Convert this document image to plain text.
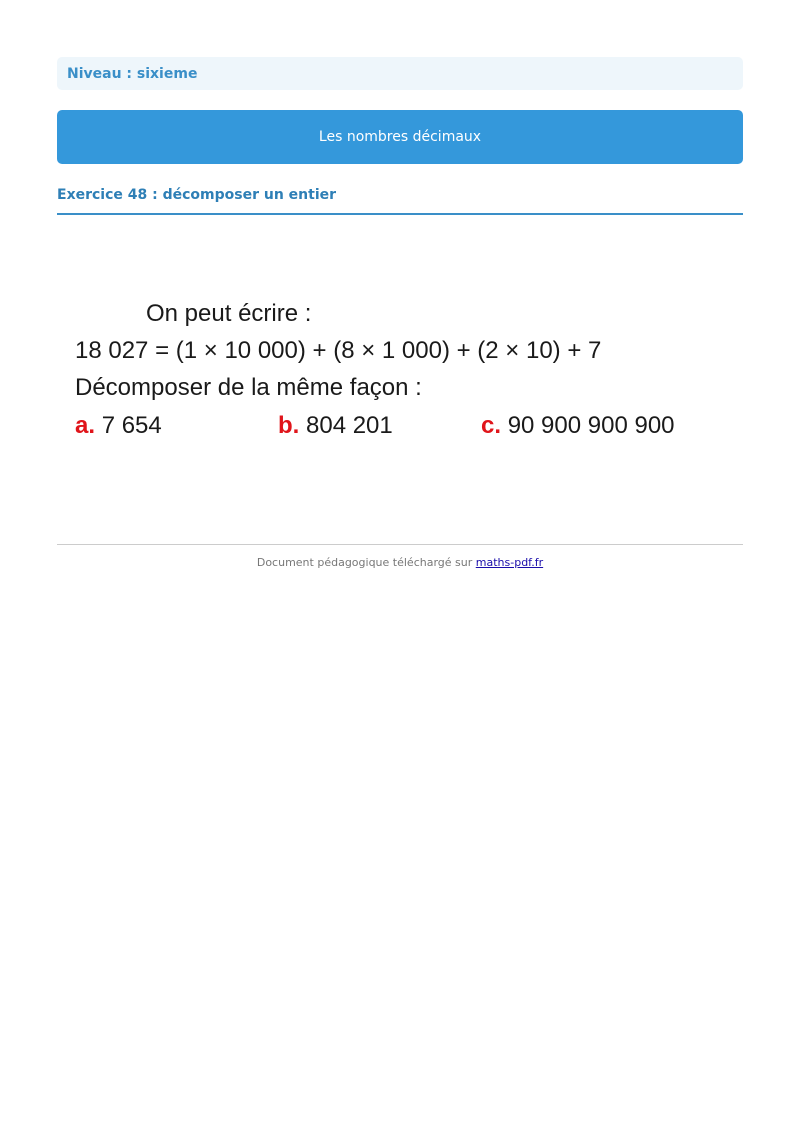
Niveau : sixieme
Les nombres décimaux
Exercice 48 : décomposer un entier
On peut écrire :
18 027 = (1 × 10 000) + (8 × 1 000) + (2 × 10) + 7
Décomposer de la même façon :
a. 7 654	b. 804 201	c. 90 900 900 900
Document pédagogique téléchargé sur maths-pdf.fr
